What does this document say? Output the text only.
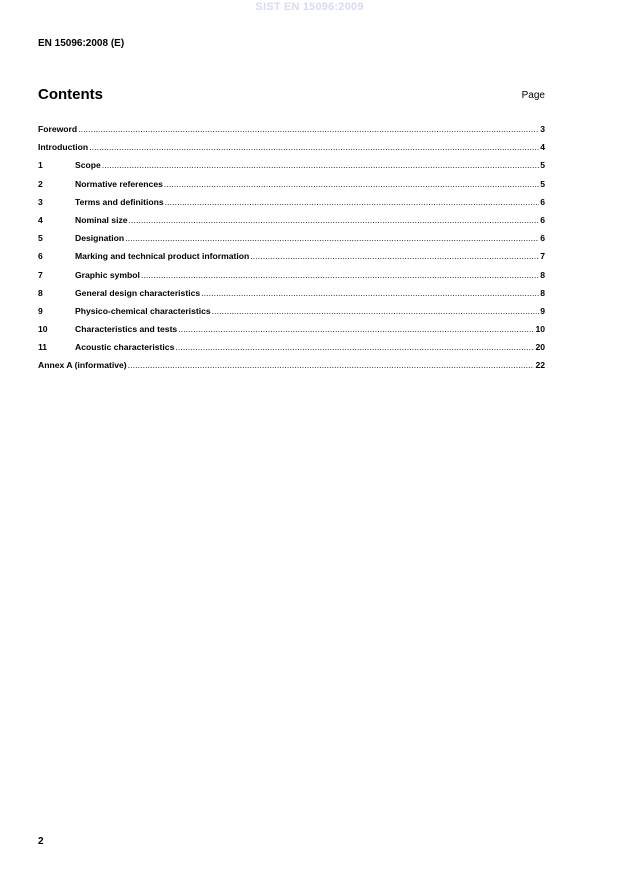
SIST EN 15096:2009
EN 15096:2008 (E)
Contents	Page
Foreword .....	3
Introduction .....	4
1	Scope .....	5
2	Normative references .....	5
3	Terms and definitions .....	6
4	Nominal size .....	6
5	Designation .....	6
6	Marking and technical product information .....	7
7	Graphic symbol .....	8
8	General design characteristics .....	8
9	Physico-chemical characteristics .....	9
10	Characteristics and tests .....	10
11	Acoustic characteristics .....	20
Annex A (informative) .....	22
2
